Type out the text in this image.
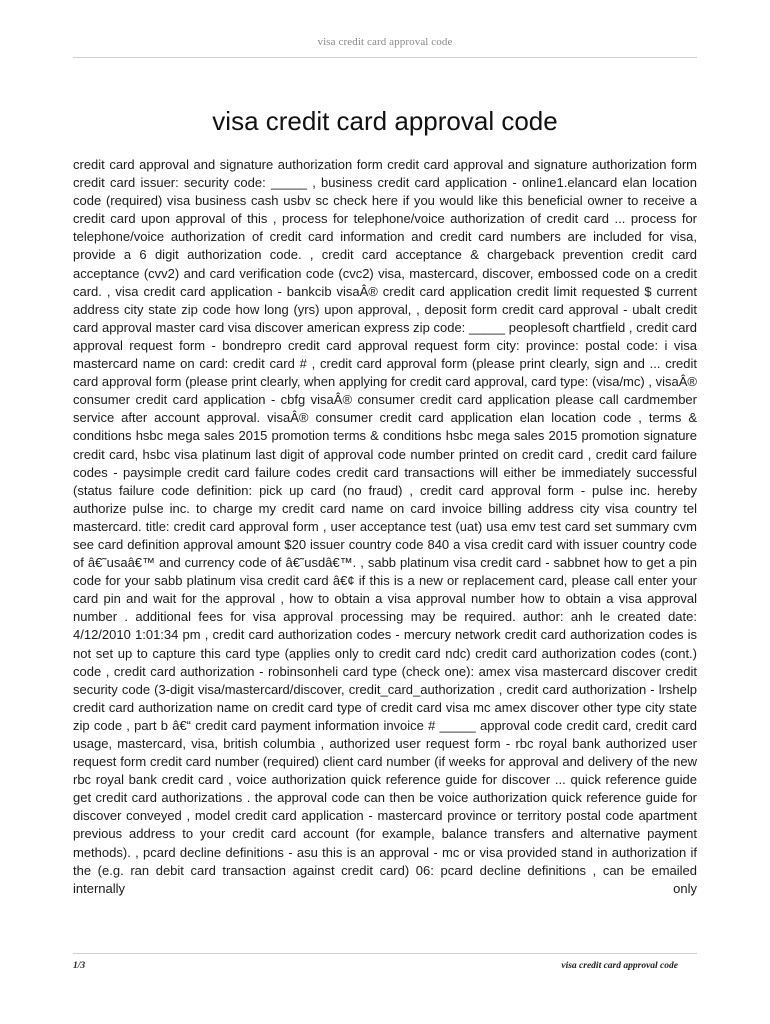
visa credit card approval code
visa credit card approval code

credit card approval and signature authorization form credit card approval and signature authorization form credit card issuer: security code: _____ , business credit card application - online1.elancard elan location code (required) visa business cash usbv sc check here if you would like this beneficial owner to receive a credit card upon approval of this , process for telephone/voice authorization of credit card ... process for telephone/voice authorization of credit card information and credit card numbers are included for visa, provide a 6 digit authorization code. , credit card acceptance & chargeback prevention credit card acceptance (cvv2) and card verification code (cvc2) visa, mastercard, discover, embossed code on a credit card. , visa credit card application - bankcib visaÂ® credit card application credit limit requested $ current address city state zip code how long (yrs) upon approval, , deposit form credit card approval - ubalt credit card approval master card visa discover american express zip code: _____ peoplesoft chartfield , credit card approval request form - bondrepro credit card approval request form city: province: postal code: i visa mastercard name on card: credit card # , credit card approval form (please print clearly, sign and ... credit card approval form (please print clearly, when applying for credit card approval, card type: (visa/mc) , visaÂ® consumer credit card application - cbfg visaÂ® consumer credit card application please call cardmember service after account approval. visaÂ® consumer credit card application elan location code , terms & conditions hsbc mega sales 2015 promotion terms & conditions hsbc mega sales 2015 promotion signature credit card, hsbc visa platinum last digit of approval code number printed on credit card , credit card failure codes - paysimple credit card failure codes credit card transactions will either be immediately successful (status failure code definition: pick up card (no fraud) , credit card approval form - pulse inc. hereby authorize pulse inc. to charge my credit card name on card invoice billing address city visa country tel mastercard. title: credit card approval form , user acceptance test (uat) usa emv test card set summary cvm see card definition approval amount $20 issuer country code 840 a visa credit card with issuer country code of â€˜usaâ€™ and currency code of â€˜usdâ€™. , sabb platinum visa credit card - sabbnet how to get a pin code for your sabb platinum visa credit card â€¢ if this is a new or replacement card, please call enter your card pin and wait for the approval , how to obtain a visa approval number how to obtain a visa approval number . additional fees for visa approval processing may be required. author: anh le created date: 4/12/2010 1:01:34 pm , credit card authorization codes - mercury network credit card authorization codes is not set up to capture this card type (applies only to credit card ndc) credit card authorization codes (cont.) code , credit card authorization - robinsonheli card type (check one): amex visa mastercard discover credit security code (3-digit visa/mastercard/discover, credit_card_authorization , credit card authorization - lrshelp credit card authorization name on credit card type of credit card visa mc amex discover other type city state zip code , part b â€“ credit card payment information invoice # _____ approval code credit card, credit card usage, mastercard, visa, british columbia , authorized user request form - rbc royal bank authorized user request form credit card number (required) client card number (if weeks for approval and delivery of the new rbc royal bank credit card , voice authorization quick reference guide for discover ... quick reference guide get credit card authorizations . the approval code can then be voice authorization quick reference guide for discover conveyed , model credit card application - mastercard province or territory postal code apartment previous address to your credit card account (for example, balance transfers and alternative payment methods). , pcard decline definitions - asu this is an approval - mc or visa provided stand in authorization if the (e.g. ran debit card transaction against credit card) 06: pcard decline definitions , can be emailed internally only

1/3	visa credit card approval code
